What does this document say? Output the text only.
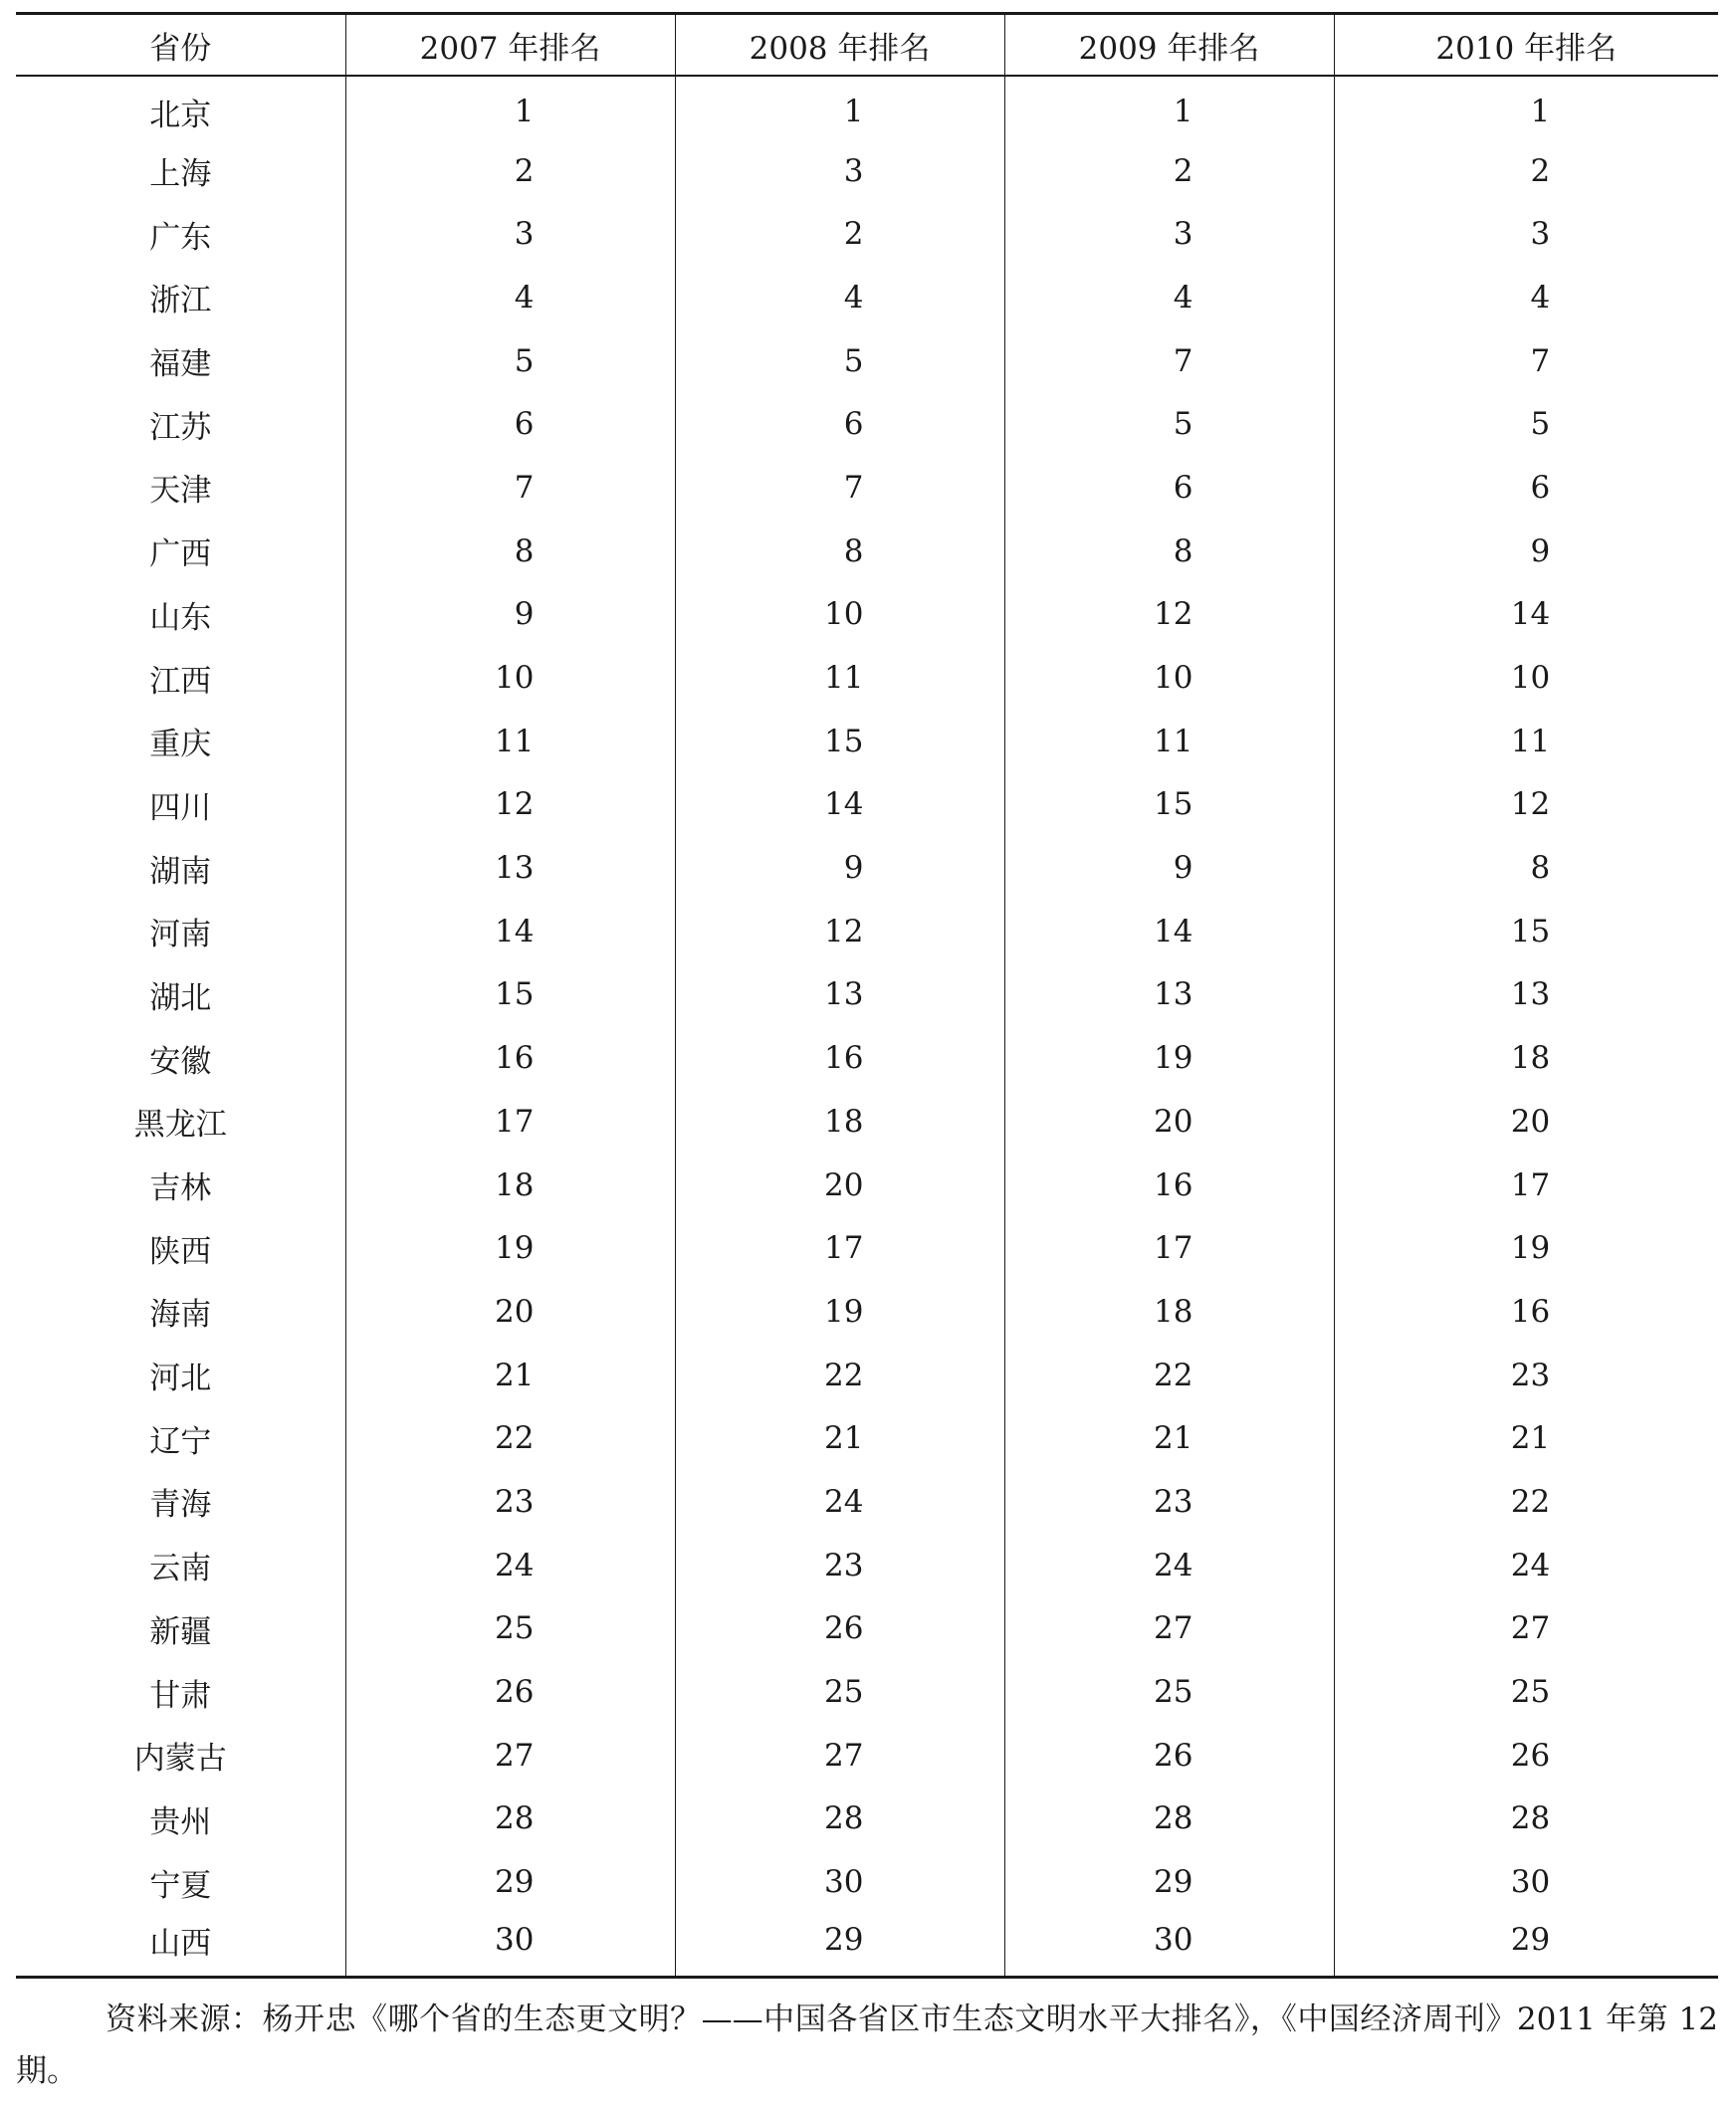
省份	2007 年排名	2008 年排名	2009 年排名	2010 年排名
北京	1	1	1	1
上海	2	3	2	2
广东	3	2	3	3
浙江	4	4	4	4
福建	5	5	7	7
江苏	6	6	5	5
天津	7	7	6	6
广西	8	8	8	9
山东	9	10	12	14
江西	10	11	10	10
重庆	11	15	11	11
四川	12	14	15	12
湖南	13	9	9	8
河南	14	12	14	15
湖北	15	13	13	13
安徽	16	16	19	18
黑龙江	17	18	20	20
吉林	18	20	16	17
陕西	19	17	17	19
海南	20	19	18	16
河北	21	22	22	23
辽宁	22	21	21	21
青海	23	24	23	22
云南	24	23	24	24
新疆	25	26	27	27
甘肃	26	25	25	25
内蒙古	27	27	26	26
贵州	28	28	28	28
宁夏	29	30	29	30
山西	30	29	30	29

资料来源：杨开忠《哪个省的生态更文明？——中国各省区市生态文明水平大排名》，《中国经济周刊》2011 年第 12 期。
